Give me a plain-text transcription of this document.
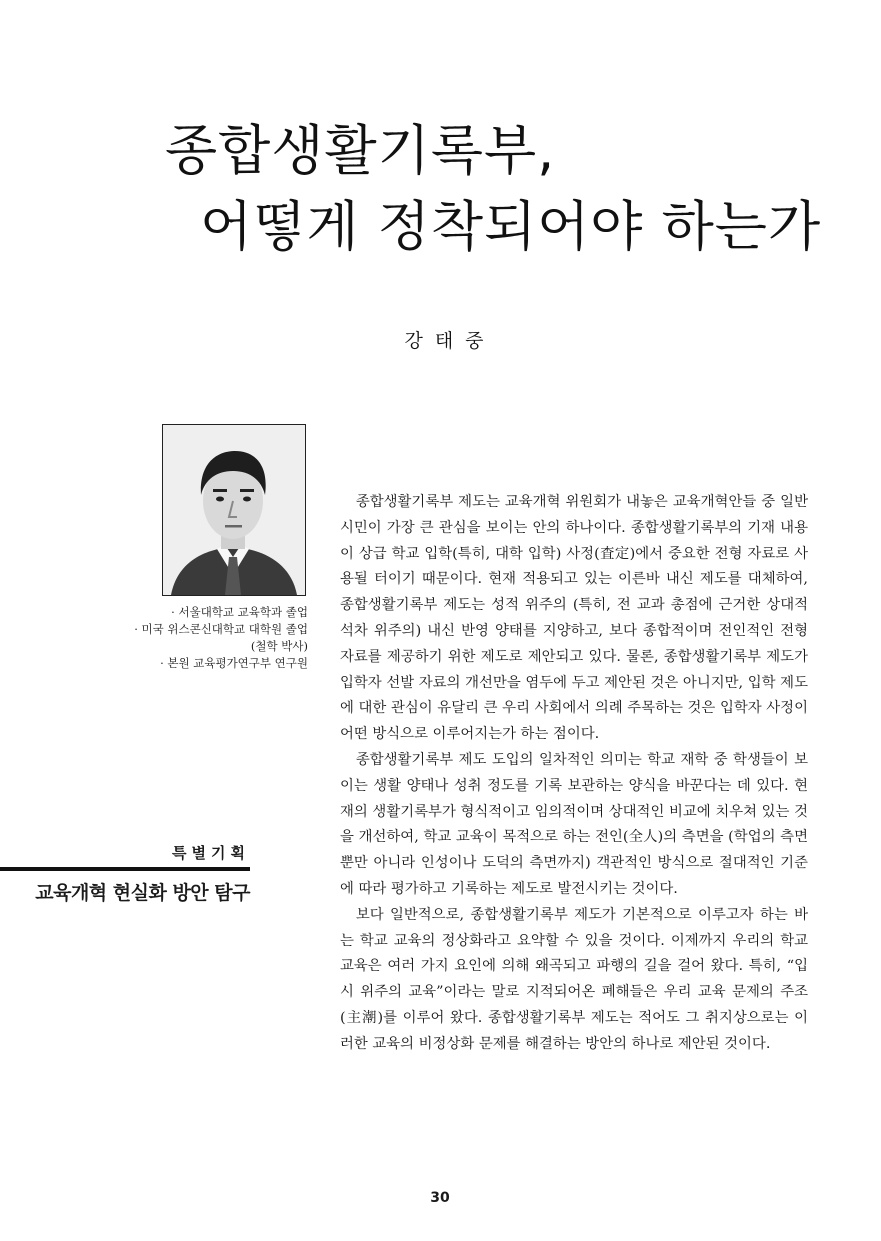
종합생활기록부,
어떻게 정착되어야 하는가
강태중
· 서울대학교 교육학과 졸업
· 미국 위스콘신대학교 대학원 졸업
(철학 박사)
· 본원 교육평가연구부 연구원
특별기획
교육개혁 현실화 방안 탐구

종합생활기록부 제도는 교육개혁 위원회가 내놓은 교육개혁안들 중 일반 시민이 가장 큰 관심을 보이는 안의 하나이다. 종합생활기록부의 기재 내용이 상급 학교 입학(특히, 대학 입학) 사정(査定)에서 중요한 전형 자료로 사용될 터이기 때문이다. 현재 적용되고 있는 이른바 내신 제도를 대체하여, 종합생활기록부 제도는 성적 위주의 (특히, 전 교과 총점에 근거한 상대적 석차 위주의) 내신 반영 양태를 지양하고, 보다 종합적이며 전인적인 전형 자료를 제공하기 위한 제도로 제안되고 있다. 물론, 종합생활기록부 제도가 입학자 선발 자료의 개선만을 염두에 두고 제안된 것은 아니지만, 입학 제도에 대한 관심이 유달리 큰 우리 사회에서 의례 주목하는 것은 입학자 사정이 어떤 방식으로 이루어지는가 하는 점이다.

종합생활기록부 제도 도입의 일차적인 의미는 학교 재학 중 학생들이 보이는 생활 양태나 성취 정도를 기록 보관하는 양식을 바꾼다는 데 있다. 현재의 생활기록부가 형식적이고 임의적이며 상대적인 비교에 치우쳐 있는 것을 개선하여, 학교 교육이 목적으로 하는 전인(全人)의 측면을 (학업의 측면뿐만 아니라 인성이나 도덕의 측면까지) 객관적인 방식으로 절대적인 기준에 따라 평가하고 기록하는 제도로 발전시키는 것이다.

보다 일반적으로, 종합생활기록부 제도가 기본적으로 이루고자 하는 바는 학교 교육의 정상화라고 요약할 수 있을 것이다. 이제까지 우리의 학교 교육은 여러 가지 요인에 의해 왜곡되고 파행의 길을 걸어 왔다. 특히, “입시 위주의 교육”이라는 말로 지적되어온 폐해들은 우리 교육 문제의 주조(主潮)를 이루어 왔다. 종합생활기록부 제도는 적어도 그 취지상으로는 이러한 교육의 비정상화 문제를 해결하는 방안의 하나로 제안된 것이다.

30
